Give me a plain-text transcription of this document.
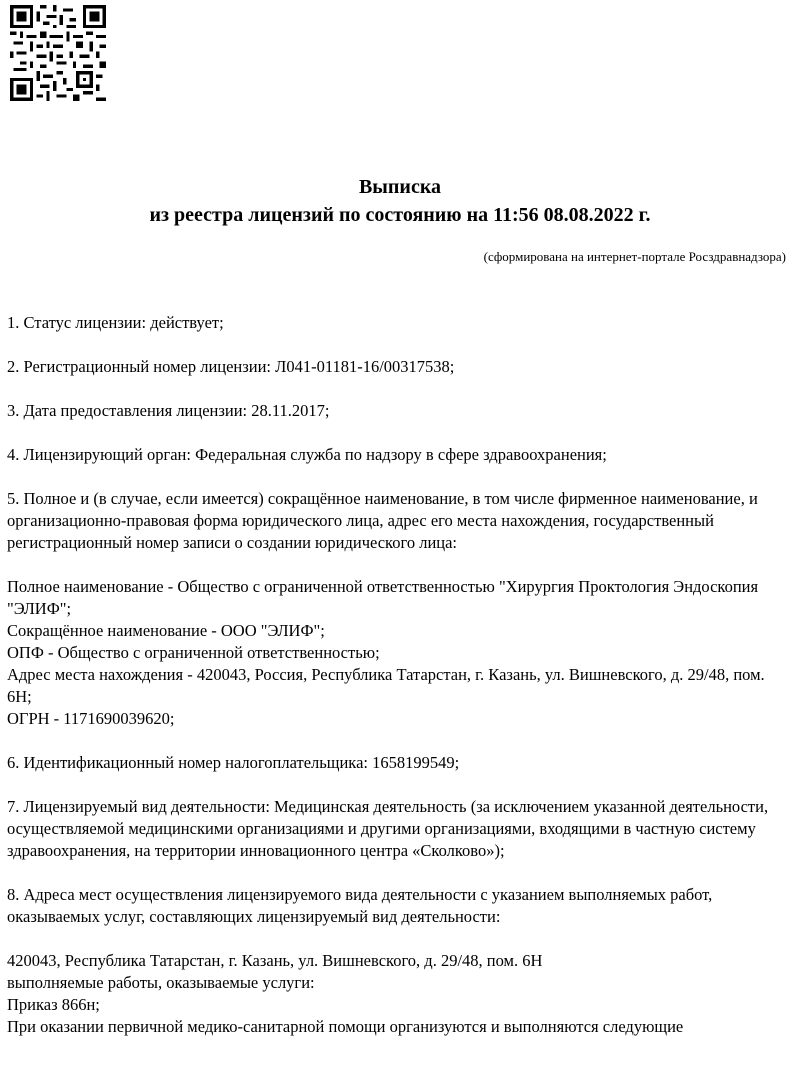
Выписка
из реестра лицензий по состоянию на 11:56 08.08.2022 г.
(сформирована на интернет-портале Росздравнадзора)

1. Статус лицензии: действует;

2. Регистрационный номер лицензии: Л041-01181-16/00317538;

3. Дата предоставления лицензии: 28.11.2017;

4. Лицензирующий орган: Федеральная служба по надзору в сфере здравоохранения;

5. Полное и (в случае, если имеется) сокращённое наименование, в том числе фирменное наименование, и организационно-правовая форма юридического лица, адрес его места нахождения, государственный регистрационный номер записи о создании юридического лица:

Полное наименование - Общество с ограниченной ответственностью "Хирургия Проктология Эндоскопия "ЭЛИФ";
Сокращённое наименование - ООО "ЭЛИФ";
ОПФ - Общество с ограниченной ответственностью;
Адрес места нахождения - 420043, Россия, Республика Татарстан, г. Казань, ул. Вишневского, д. 29/48, пом. 6Н;
ОГРН - 1171690039620;

6. Идентификационный номер налогоплательщика: 1658199549;

7. Лицензируемый вид деятельности: Медицинская деятельность (за исключением указанной деятельности, осуществляемой медицинскими организациями и другими организациями, входящими в частную систему здравоохранения, на территории инновационного центра «Сколково»);

8. Адреса мест осуществления лицензируемого вида деятельности с указанием выполняемых работ, оказываемых услуг, составляющих лицензируемый вид деятельности:

420043, Республика Татарстан, г. Казань, ул. Вишневского, д. 29/48, пом. 6Н
выполняемые работы, оказываемые услуги:
Приказ 866н;
При оказании первичной медико-санитарной помощи организуются и выполняются следующие
